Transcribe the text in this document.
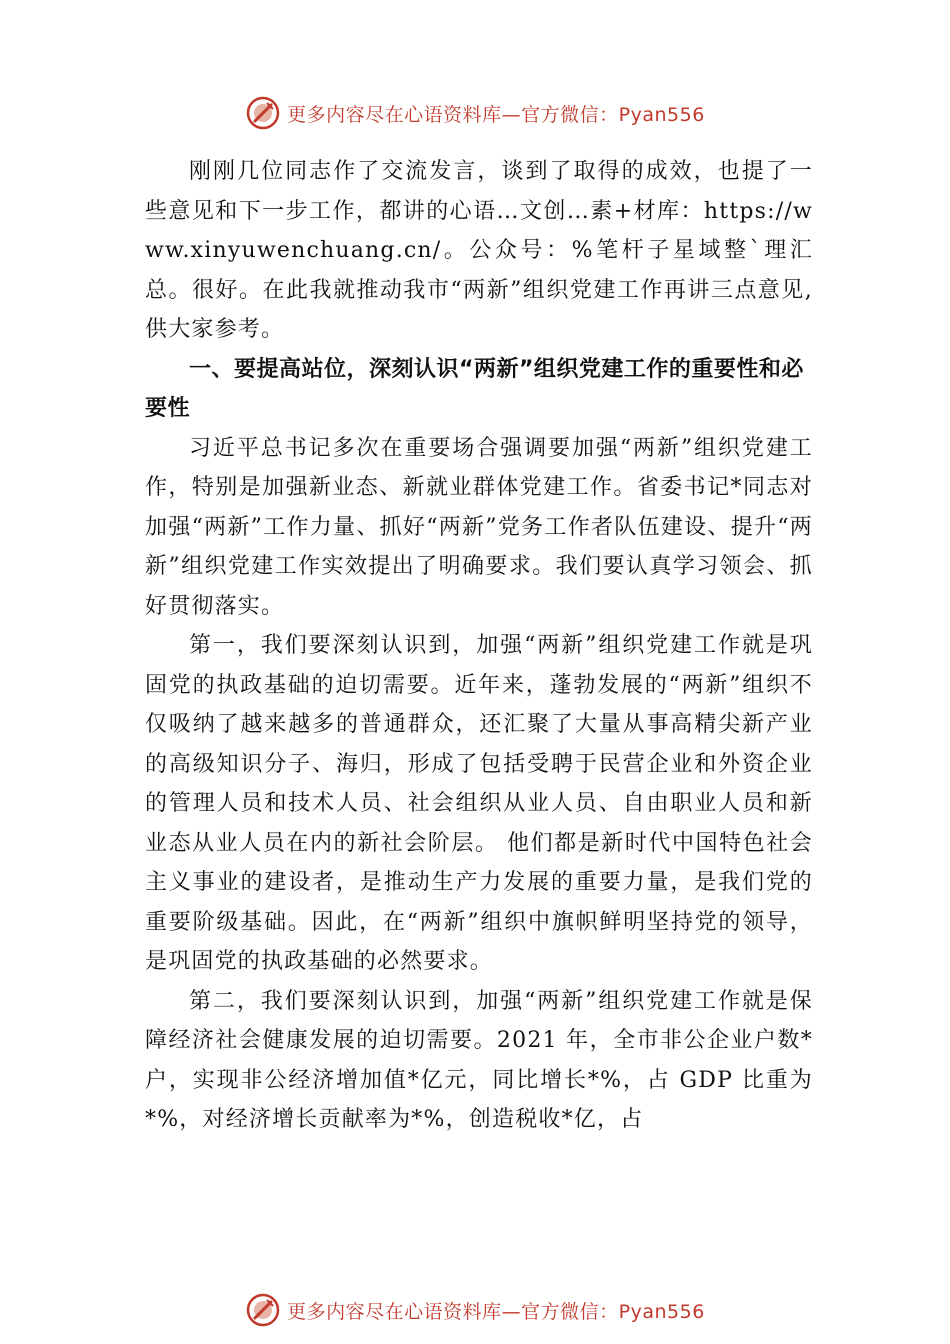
更多内容尽在心语资料库—官方微信：Pyan556

刚刚几位同志作了交流发言，谈到了取得的成效，也提了一些意见和下一步工作，都讲的心语…文创…素+材库：https://www.xinyuwenchuang.cn/。公众号：%笔杆子星域整`理汇总。很好。在此我就推动我市“两新”组织党建工作再讲三点意见,供大家参考。

一、要提高站位，深刻认识“两新”组织党建工作的重要性和必要性

习近平总书记多次在重要场合强调要加强“两新”组织党建工作，特别是加强新业态、新就业群体党建工作。省委书记*同志对加强“两新”工作力量、抓好“两新”党务工作者队伍建设、提升“两新”组织党建工作实效提出了明确要求。我们要认真学习领会、抓好贯彻落实。

第一，我们要深刻认识到，加强“两新”组织党建工作就是巩固党的执政基础的迫切需要。近年来，蓬勃发展的“两新”组织不仅吸纳了越来越多的普通群众，还汇聚了大量从事高精尖新产业的高级知识分子、海归，形成了包括受聘于民营企业和外资企业的管理人员和技术人员、社会组织从业人员、自由职业人员和新业态从业人员在内的新社会阶层。 他们都是新时代中国特色社会主义事业的建设者，是推动生产力发展的重要力量，是我们党的重要阶级基础。因此，在“两新”组织中旗帜鲜明坚持党的领导，是巩固党的执政基础的必然要求。

第二，我们要深刻认识到，加强“两新”组织党建工作就是保障经济社会健康发展的迫切需要。2021 年，全市非公企业户数*户，实现非公经济增加值*亿元，同比增长*%，占 GDP 比重为*%，对经济增长贡献率为*%，创造税收*亿，占

更多内容尽在心语资料库—官方微信：Pyan556
